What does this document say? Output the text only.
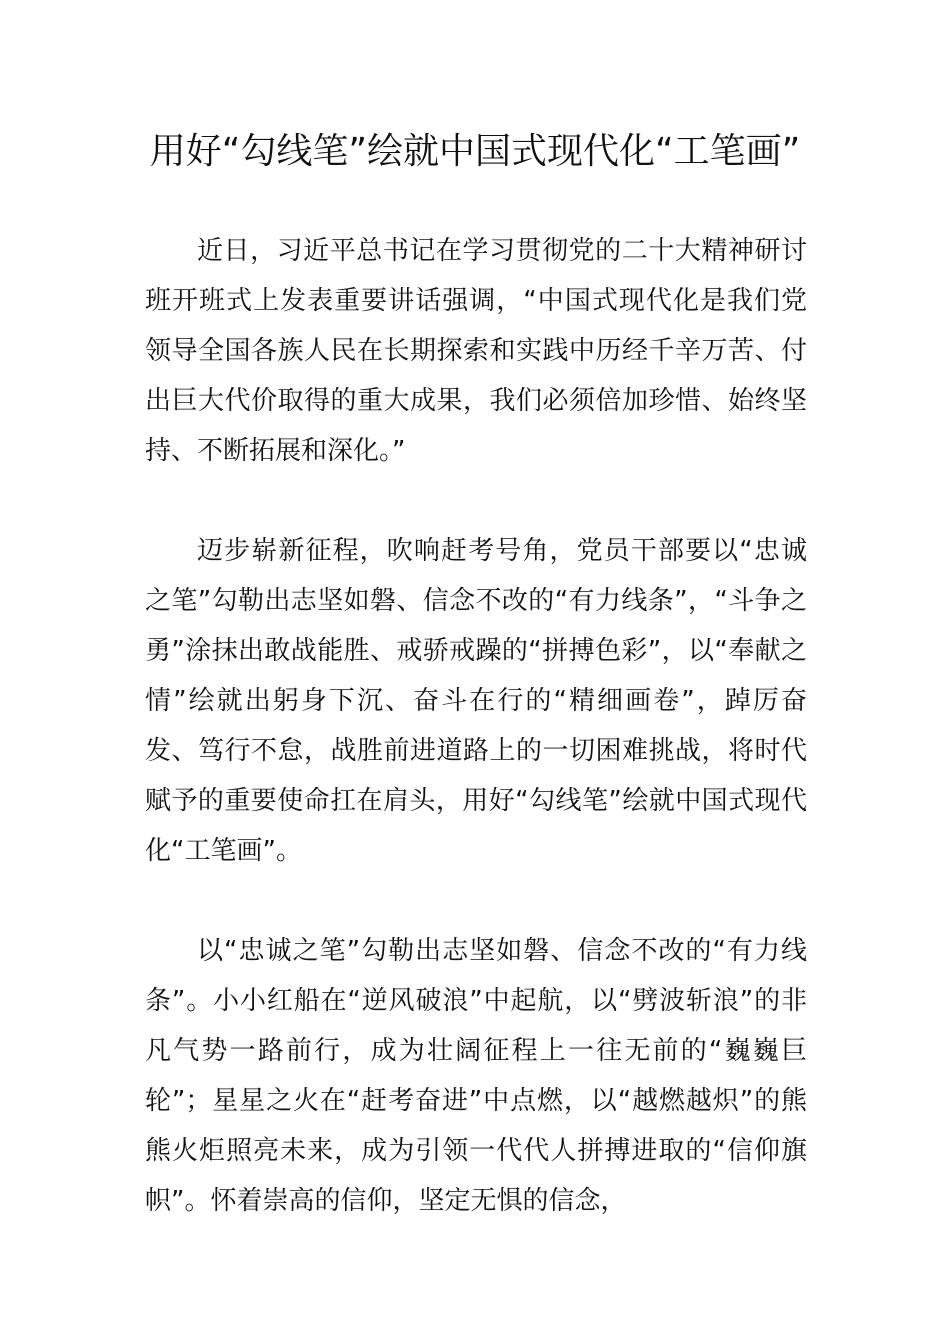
用好“勾线笔”绘就中国式现代化“工笔画”

近日，习近平总书记在学习贯彻党的二十大精神研讨班开班式上发表重要讲话强调，“中国式现代化是我们党领导全国各族人民在长期探索和实践中历经千辛万苦、付出巨大代价取得的重大成果，我们必须倍加珍惜、始终坚持、不断拓展和深化。”

迈步崭新征程，吹响赶考号角，党员干部要以“忠诚之笔”勾勒出志坚如磐、信念不改的“有力线条”，“斗争之勇”涂抹出敢战能胜、戒骄戒躁的“拼搏色彩”，以“奉献之情”绘就出躬身下沉、奋斗在行的“精细画卷”，踔厉奋发、笃行不怠，战胜前进道路上的一切困难挑战，将时代赋予的重要使命扛在肩头，用好“勾线笔”绘就中国式现代化“工笔画”。

以“忠诚之笔”勾勒出志坚如磐、信念不改的“有力线条”。小小红船在“逆风破浪”中起航，以“劈波斩浪”的非凡气势一路前行，成为壮阔征程上一往无前的“巍巍巨轮”；星星之火在“赶考奋进”中点燃，以“越燃越炽”的熊熊火炬照亮未来，成为引领一代代人拼搏进取的“信仰旗帜”。怀着崇高的信仰，坚定无惧的信念，
